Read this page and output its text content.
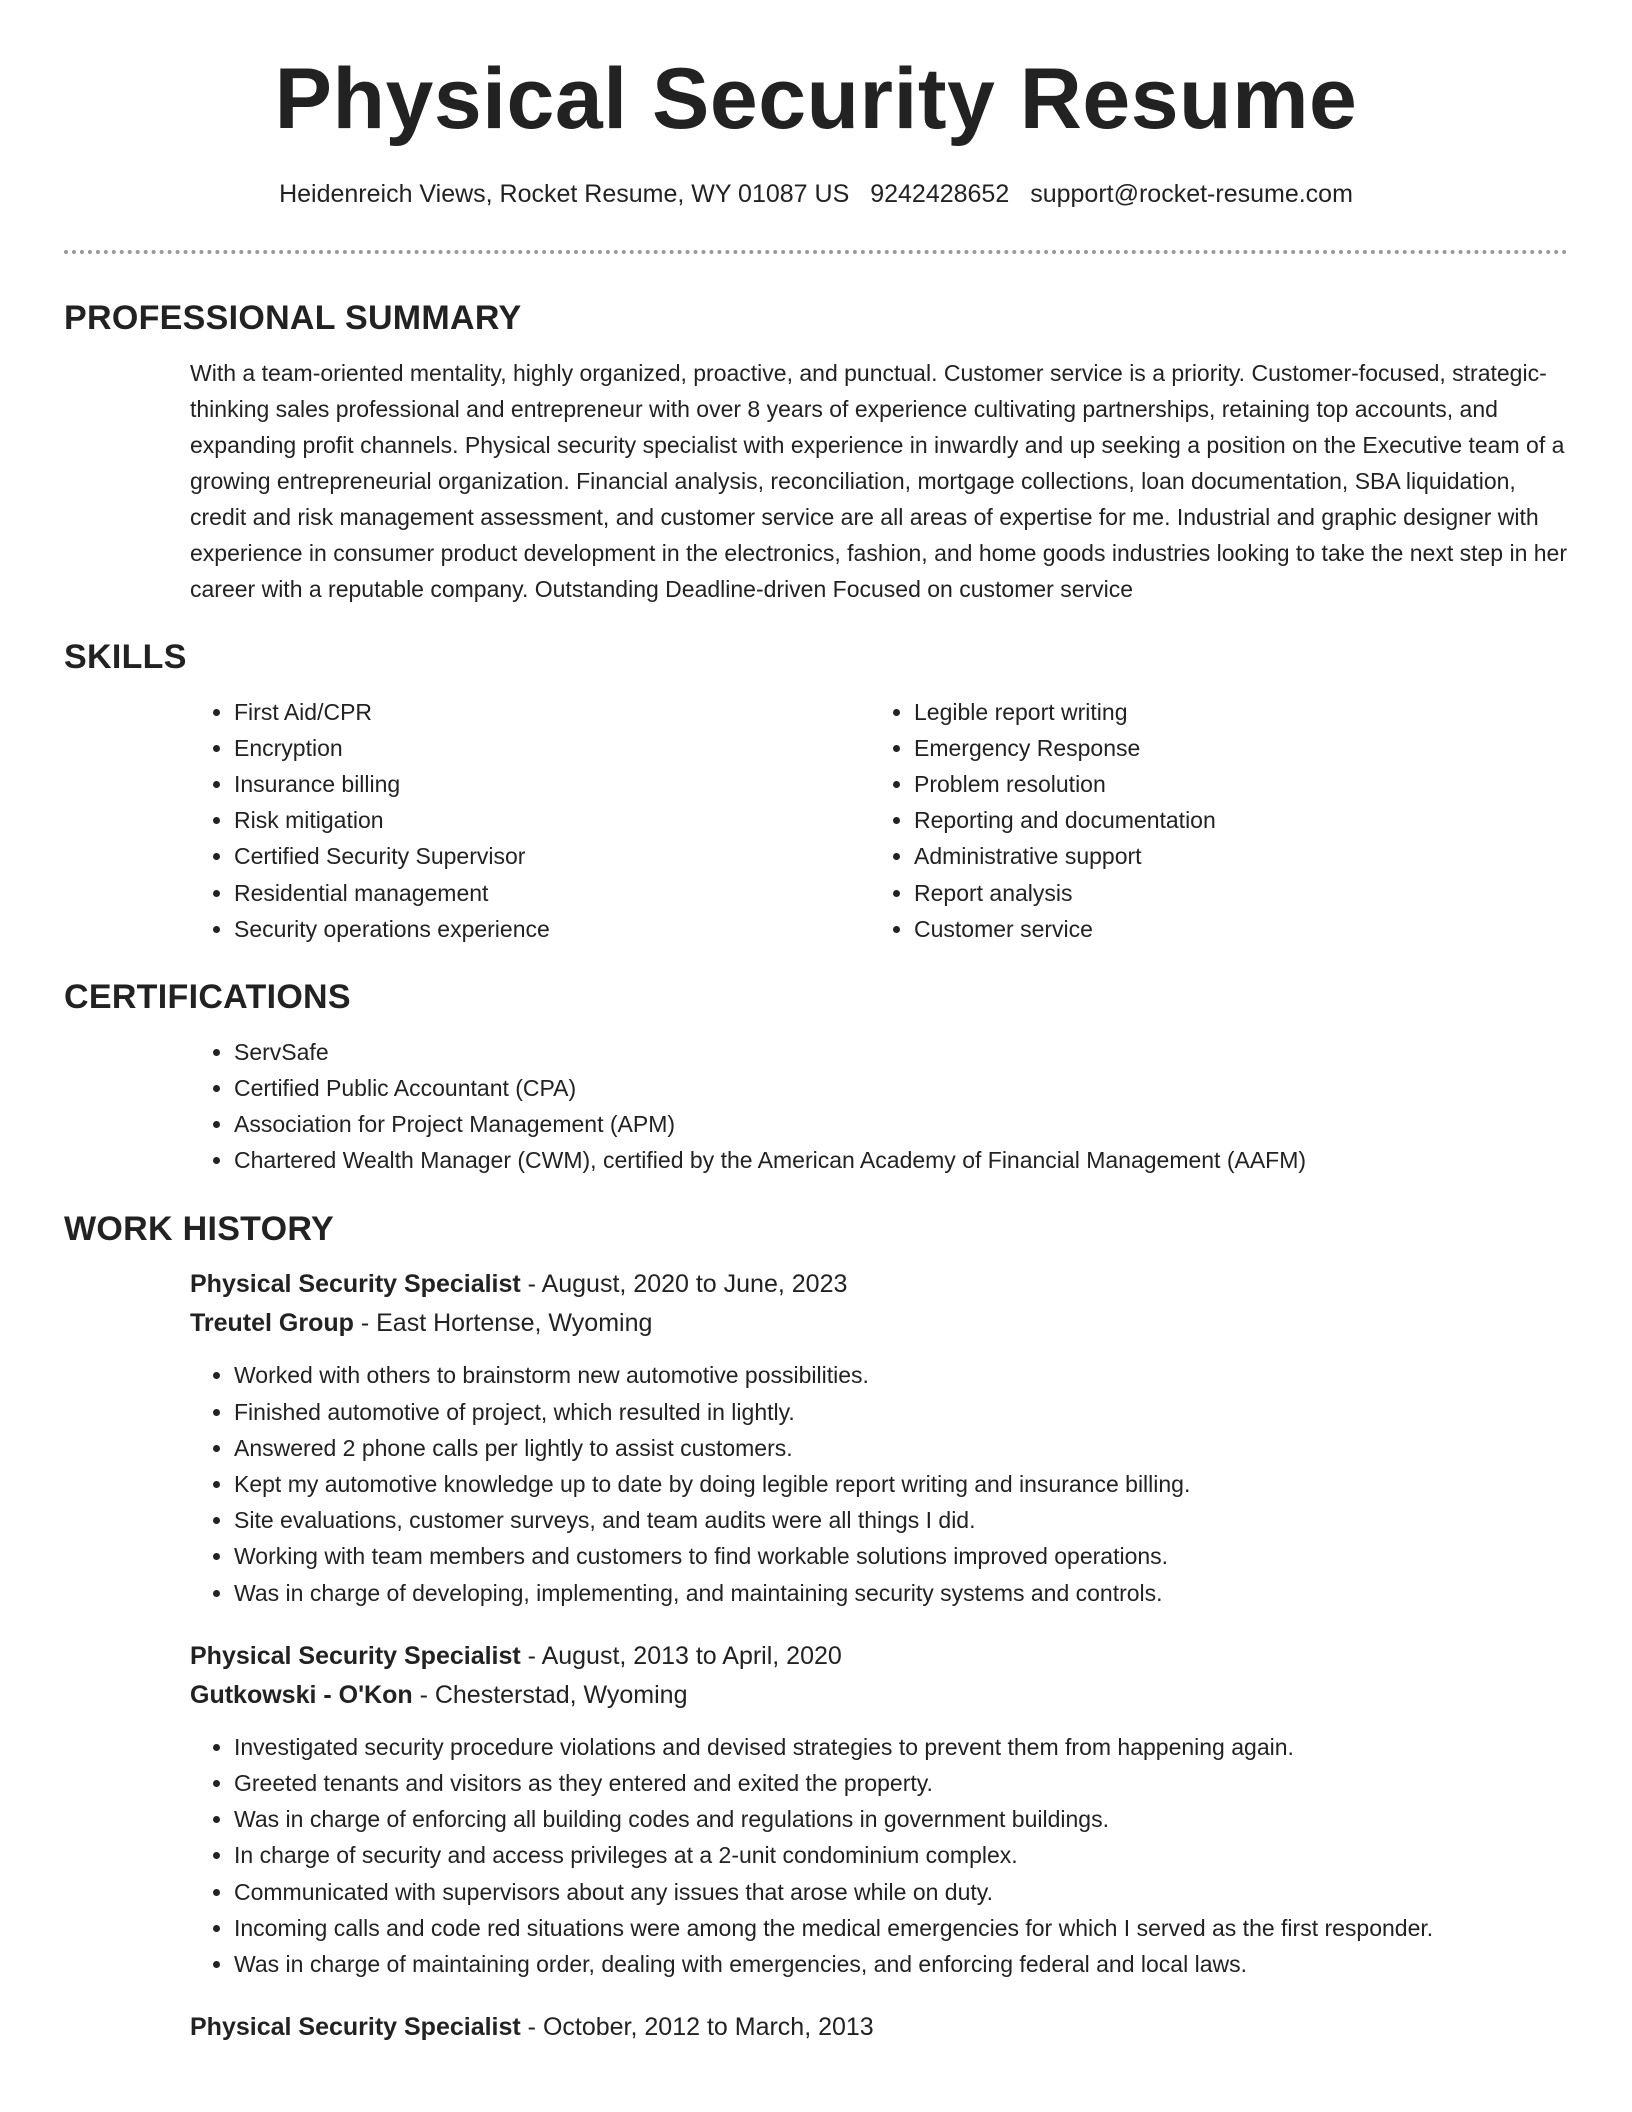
Physical Security Resume
Heidenreich Views, Rocket Resume, WY 01087 US 9242428652 support@rocket-resume.com
PROFESSIONAL SUMMARY

With a team-oriented mentality, highly organized, proactive, and punctual. Customer service is a priority. Customer-focused, strategic-thinking sales professional and entrepreneur with over 8 years of experience cultivating partnerships, retaining top accounts, and expanding profit channels. Physical security specialist with experience in inwardly and up seeking a position on the Executive team of a growing entrepreneurial organization. Financial analysis, reconciliation, mortgage collections, loan documentation, SBA liquidation, credit and risk management assessment, and customer service are all areas of expertise for me. Industrial and graphic designer with experience in consumer product development in the electronics, fashion, and home goods industries looking to take the next step in her career with a reputable company. Outstanding Deadline-driven Focused on customer service

SKILLS
• First Aid/CPR
• Encryption
• Insurance billing
• Risk mitigation
• Certified Security Supervisor
• Residential management
• Security operations experience
• Legible report writing
• Emergency Response
• Problem resolution
• Reporting and documentation
• Administrative support
• Report analysis
• Customer service
CERTIFICATIONS
• ServSafe
• Certified Public Accountant (CPA)
• Association for Project Management (APM)
• Chartered Wealth Manager (CWM), certified by the American Academy of Financial Management (AAFM)
WORK HISTORY
Physical Security Specialist - August, 2020 to June, 2023
Treutel Group - East Hortense, Wyoming
• Worked with others to brainstorm new automotive possibilities.
• Finished automotive of project, which resulted in lightly.
• Answered 2 phone calls per lightly to assist customers.
• Kept my automotive knowledge up to date by doing legible report writing and insurance billing.
• Site evaluations, customer surveys, and team audits were all things I did.
• Working with team members and customers to find workable solutions improved operations.
• Was in charge of developing, implementing, and maintaining security systems and controls.
Physical Security Specialist - August, 2013 to April, 2020
Gutkowski - O'Kon - Chesterstad, Wyoming
• Investigated security procedure violations and devised strategies to prevent them from happening again.
• Greeted tenants and visitors as they entered and exited the property.
• Was in charge of enforcing all building codes and regulations in government buildings.
• In charge of security and access privileges at a 2-unit condominium complex.
• Communicated with supervisors about any issues that arose while on duty.
• Incoming calls and code red situations were among the medical emergencies for which I served as the first responder.
• Was in charge of maintaining order, dealing with emergencies, and enforcing federal and local laws.
Physical Security Specialist - October, 2012 to March, 2013
